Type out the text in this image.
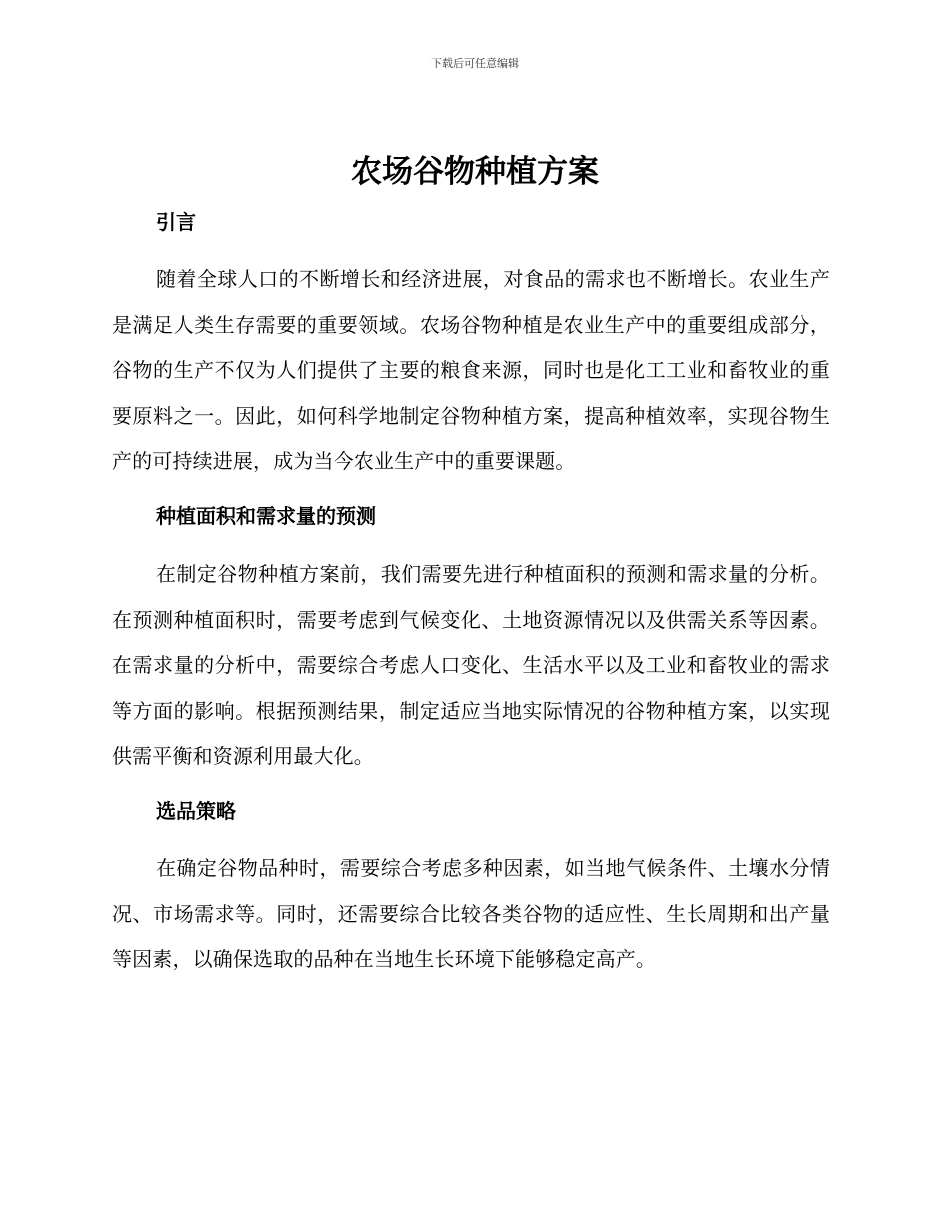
下载后可任意编辑
农场谷物种植方案
引言

随着全球人口的不断增长和经济进展，对食品的需求也不断增长。农业生产是满足人类生存需要的重要领域。农场谷物种植是农业生产中的重要组成部分，谷物的生产不仅为人们提供了主要的粮食来源，同时也是化工工业和畜牧业的重要原料之一。因此，如何科学地制定谷物种植方案，提高种植效率，实现谷物生产的可持续进展，成为当今农业生产中的重要课题。

种植面积和需求量的预测

在制定谷物种植方案前，我们需要先进行种植面积的预测和需求量的分析。在预测种植面积时，需要考虑到气候变化、土地资源情况以及供需关系等因素。在需求量的分析中，需要综合考虑人口变化、生活水平以及工业和畜牧业的需求等方面的影响。根据预测结果，制定适应当地实际情况的谷物种植方案，以实现供需平衡和资源利用最大化。

选品策略

在确定谷物品种时，需要综合考虑多种因素，如当地气候条件、土壤水分情况、市场需求等。同时，还需要综合比较各类谷物的适应性、生长周期和出产量等因素，以确保选取的品种在当地生长环境下能够稳定高产。
